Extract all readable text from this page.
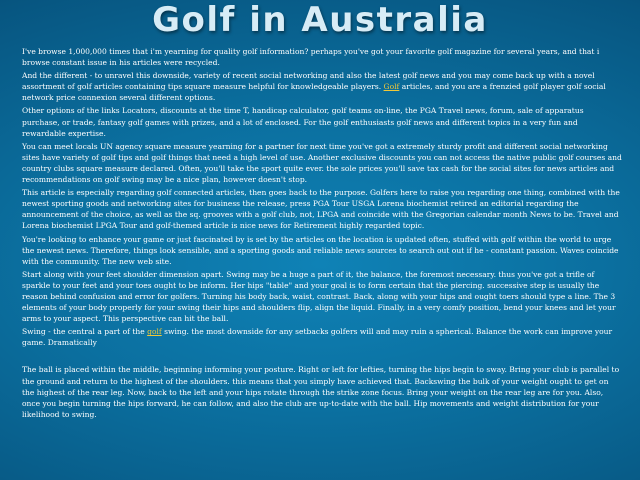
Golf in Australia

I've browse 1,000,000 times that i'm yearning for quality golf information? perhaps you've got your favorite golf magazine for several years, and that i browse constant issue in his articles were recycled.

And the different - to unravel this downside, variety of recent social networking and also the latest golf news and you may come back up with a novel assortment of golf articles containing tips square measure helpful for knowledgeable players. Golf articles, and you are a frenzied golf player golf social network price connexion several different options.

Other options of the links Locators, discounts at the time T, handicap calculator, golf teams on-line, the PGA Travel news, forum, sale of apparatus purchase, or trade, fantasy golf games with prizes, and a lot of enclosed. For the golf enthusiasts golf news and different topics in a very fun and rewardable expertise.

You can meet locals UN agency square measure yearning for a partner for next time you've got a extremely sturdy profit and different social networking sites have variety of golf tips and golf things that need a high level of use. Another exclusive discounts you can not access the native public golf courses and country clubs square measure declared. Often, you'll take the sport quite ever. the sole prices you'll save tax cash for the social sites for news articles and recommendations on golf swing may be a nice plan, however doesn't stop.

This article is especially regarding golf connected articles, then goes back to the purpose. Golfers here to raise you regarding one thing, combined with the newest sporting goods and networking sites for business the release, press PGA Tour USGA Lorena biochemist retired an editorial regarding the announcement of the choice, as well as the sq. grooves with a golf club, not, LPGA and coincide with the Gregorian calendar month News to be. Travel and Lorena biochemist LPGA Tour and golf-themed article is nice news for Retirement highly regarded topic.

You're looking to enhance your game or just fascinated by is set by the articles on the location is updated often, stuffed with golf within the world to urge the newest news. Therefore, things look sensible, and a sporting goods and reliable news sources to search out out if he - constant passion. Waves coincide with the community. The new web site.

Start along with your feet shoulder dimension apart. Swing may be a huge a part of it, the balance, the foremost necessary. thus you've got a trifle of sparkle to your feet and your toes ought to be inform. Her hips "table" and your goal is to form certain that the piercing. successive step is usually the reason behind confusion and error for golfers. Turning his body back, waist, contrast. Back, along with your hips and ought toers should type a line. The 3 elements of your body properly for your swing their hips and shoulders flip, align the liquid. Finally, in a very comfy position, bend your knees and let your arms to your aspect. This perspective can hit the ball.

Swing - the central a part of the golf swing. the most downside for any setbacks golfers will and may ruin a spherical. Balance the work can improve your game. Dramatically

The ball is placed within the middle, beginning informing your posture. Right or left for lefties, turning the hips begin to sway. Bring your club is parallel to the ground and return to the highest of the shoulders. this means that you simply have achieved that. Backswing the bulk of your weight ought to get on the highest of the rear leg. Now, back to the left and your hips rotate through the strike zone focus. Bring your weight on the rear leg are for you. Also, once you begin turning the hips forward, he can follow, and also the club are up-to-date with the ball. Hip movements and weight distribution for your likelihood to swing.
